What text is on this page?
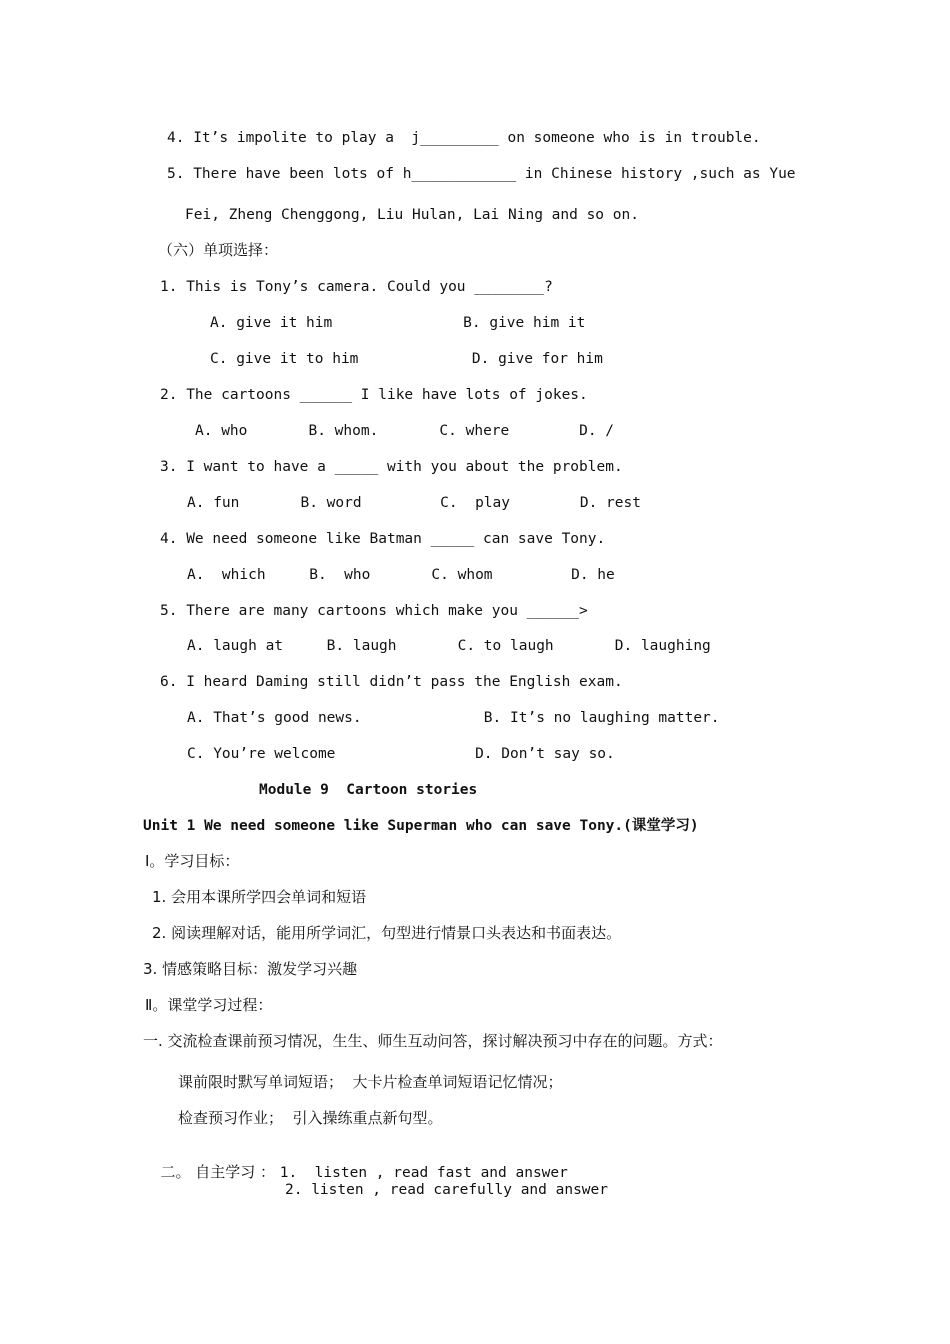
4. It’s impolite to play a  j_________ on someone who is in trouble.
5. There have been lots of h____________ in Chinese history ,such as Yue
Fei, Zheng Chenggong, Liu Hulan, Lai Ning and so on.
（六）单项选择：
1. This is Tony’s camera. Could you ________?
A. give it him               B. give him it
C. give it to him             D. give for him
2. The cartoons ______ I like have lots of jokes.
A. who       B. whom.       C. where        D. /
3. I want to have a _____ with you about the problem.
A. fun       B. word         C.  play        D. rest
4. We need someone like Batman _____ can save Tony.
A.  which     B.  who       C. whom         D. he
5. There are many cartoons which make you ______>
A. laugh at     B. laugh       C. to laugh       D. laughing
6. I heard Daming still didn’t pass the English exam.
A. That’s good news.              B. It’s no laughing matter.
C. You’re welcome                D. Don’t say so.
Module 9  Cartoon stories
Unit 1 We need someone like Superman who can save Tony.(课堂学习)
Ⅰ。学习目标：
1. 会用本课所学四会单词和短语
2. 阅读理解对话，能用所学词汇，句型进行情景口头表达和书面表达。
3. 情感策略目标：激发学习兴趣
Ⅱ。课堂学习过程：
一. 交流检查课前预习情况，生生、师生互动问答，探讨解决预习中存在的问题。方式：
课前限时默写单词短语；  大卡片检查单词短语记忆情况；
检查预习作业；  引入操练重点新句型。

二。 自主学习 ： 1.  listen , read fast and answer

2. listen , read carefully and answer
